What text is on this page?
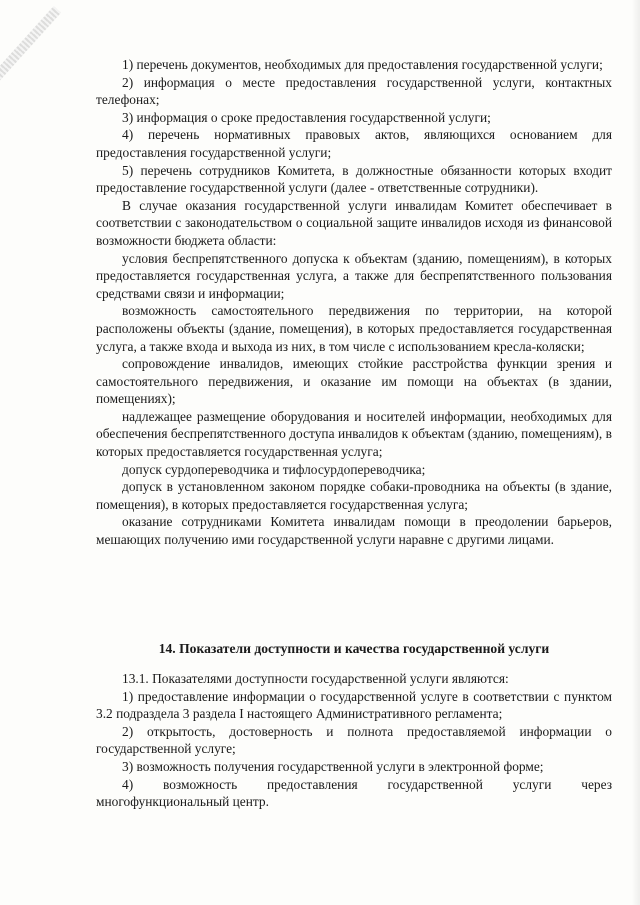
1) перечень документов, необходимых для предоставления государственной услуги;

2) информация о месте предоставления государственной услуги, контактных телефонах;

3) информация о сроке предоставления государственной услуги;

4) перечень нормативных правовых актов, являющихся основанием для предоставления государственной услуги;

5) перечень сотрудников Комитета, в должностные обязанности которых входит предоставление государственной услуги (далее - ответственные сотрудники).

В случае оказания государственной услуги инвалидам Комитет обеспечивает в соответствии с законодательством о социальной защите инвалидов исходя из финансовой возможности бюджета области:

условия беспрепятственного допуска к объектам (зданию, помещениям), в которых предоставляется государственная услуга, а также для беспрепятственного пользования средствами связи и информации;

возможность самостоятельного передвижения по территории, на которой расположены объекты (здание, помещения), в которых предоставляется государственная услуга, а также входа и выхода из них, в том числе с использованием кресла-коляски;

сопровождение инвалидов, имеющих стойкие расстройства функции зрения и самостоятельного передвижения, и оказание им помощи на объектах (в здании, помещениях);

надлежащее размещение оборудования и носителей информации, необходимых для обеспечения беспрепятственного доступа инвалидов к объектам (зданию, помещениям), в которых предоставляется государственная услуга;

допуск сурдопереводчика и тифлосурдопереводчика;

допуск в установленном законом порядке собаки-проводника на объекты (в здание, помещения), в которых предоставляется государственная услуга;

оказание сотрудниками Комитета инвалидам помощи в преодолении барьеров, мешающих получению ими государственной услуги наравне с другими лицами.

14. Показатели доступности и качества государственной услуги

13.1. Показателями доступности государственной услуги являются:

1) предоставление информации о государственной услуге в соответствии с пунктом 3.2 подраздела 3 раздела I настоящего Административного регламента;

2) открытость, достоверность и полнота предоставляемой информации о государственной услуге;

3) возможность получения государственной услуги в электронной форме;

4) возможность предоставления государственной услуги через многофункциональный центр.
